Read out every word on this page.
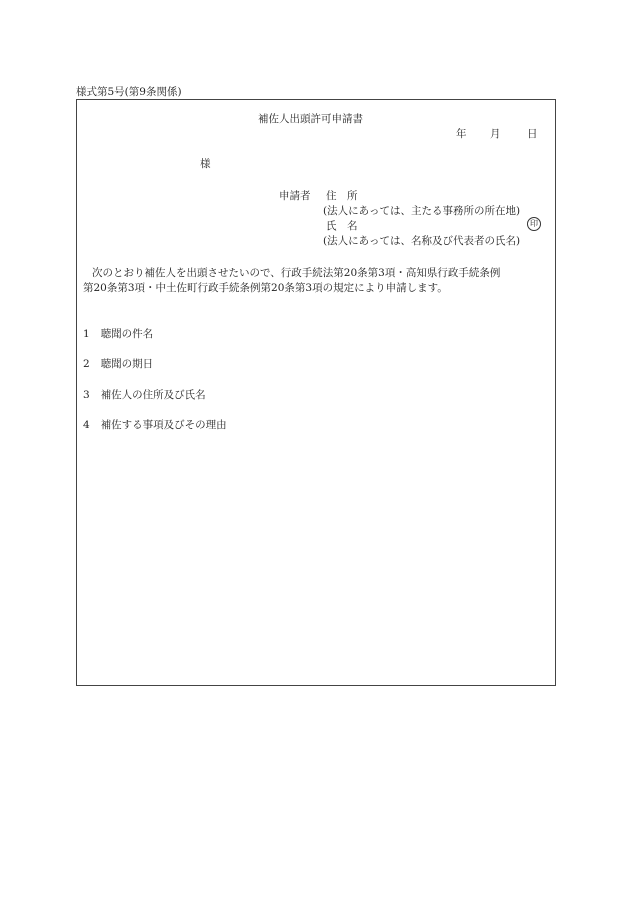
様式第5号(第9条関係)
補佐人出頭許可申請書
年 月	日
様
申請者 住　所
(法人にあっては、主たる事務所の所在地)
氏　名	印
(法人にあっては、名称及び代表者の氏名)
次のとおり補佐人を出頭させたいので、行政手続法第20条第3項・高知県行政手続条例
第20条第3項・中土佐町行政手続条例第20条第3項の規定により申請します。
1 聴聞の件名
2 聴聞の期日
3 補佐人の住所及び氏名
4 補佐する事項及びその理由
